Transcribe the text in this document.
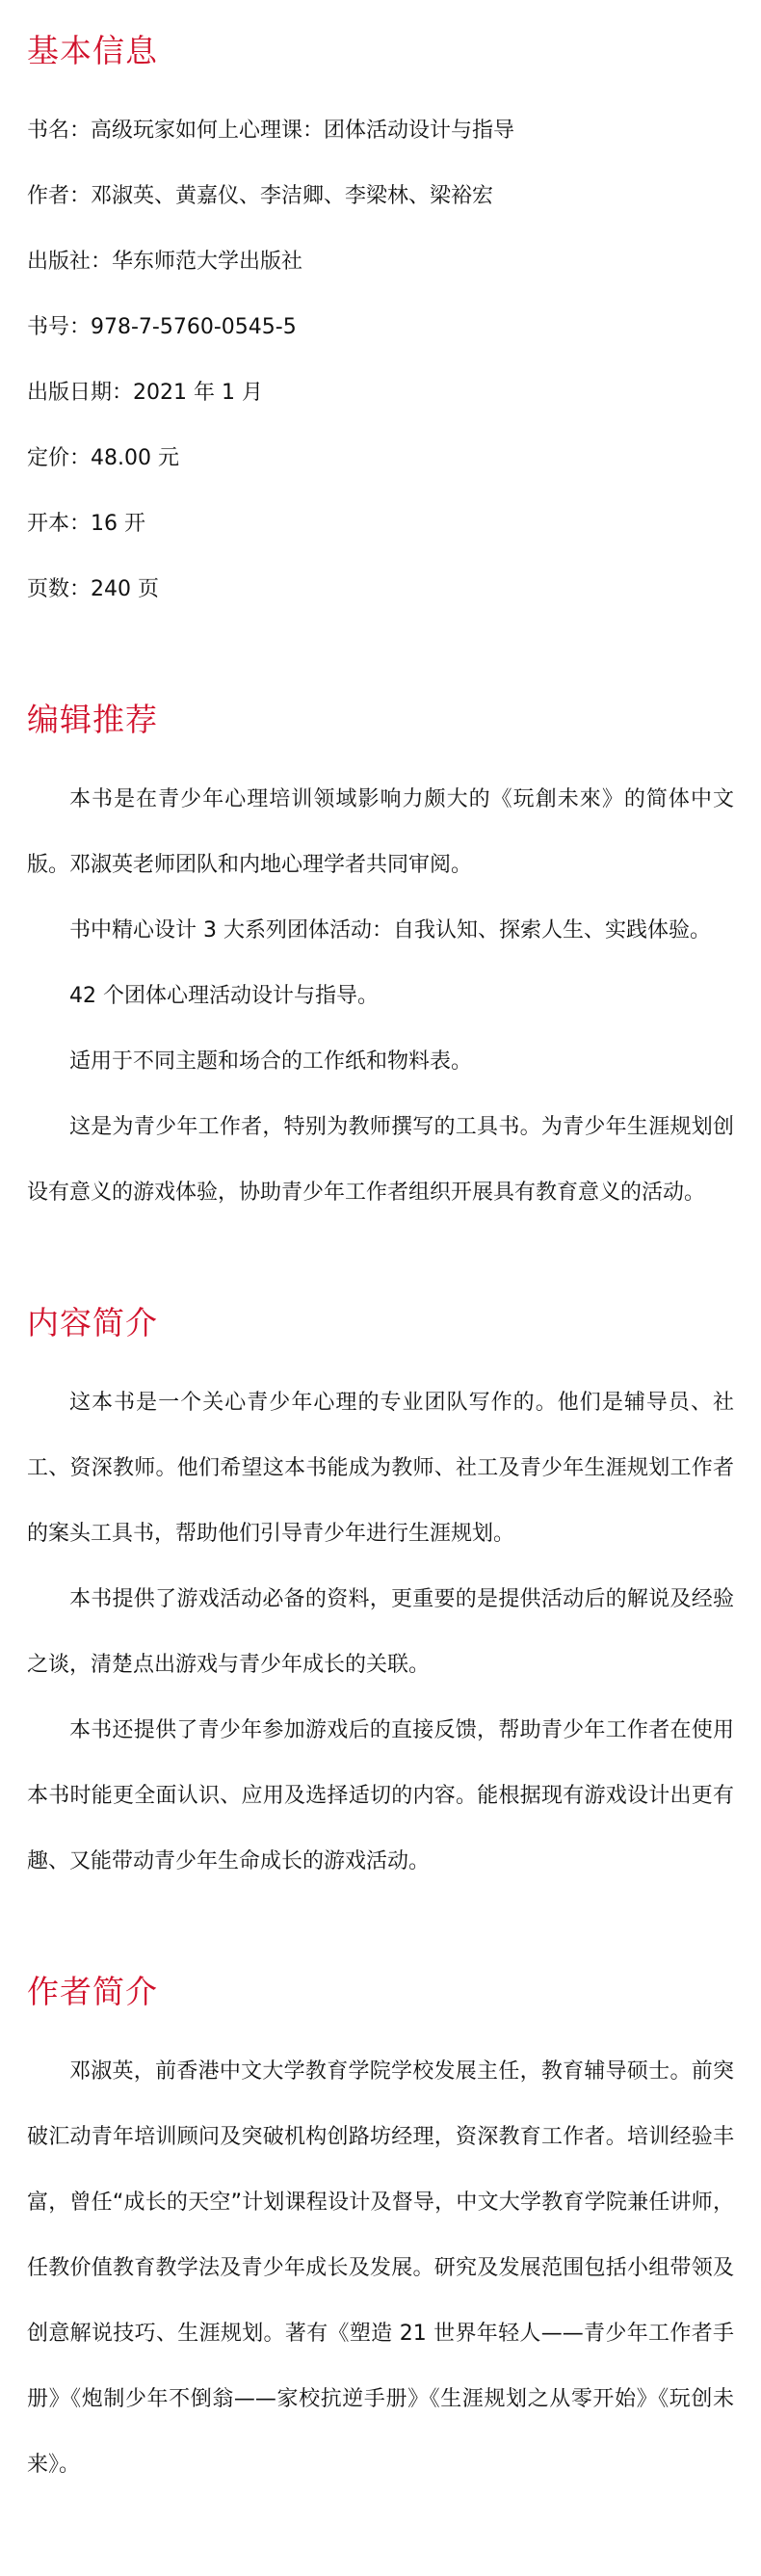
基本信息

书名：高级玩家如何上心理课：团体活动设计与指导

作者：邓淑英、黄嘉仪、李洁卿、李梁林、梁裕宏

出版社：华东师范大学出版社

书号：978-7-5760-0545-5

出版日期：2021 年 1 月

定价：48.00 元

开本：16 开

页数：240 页

编辑推荐

本书是在青少年心理培训领域影响力颇大的《玩創未來》的简体中文版。邓淑英老师团队和内地心理学者共同审阅。

书中精心设计 3 大系列团体活动：自我认知、探索人生、实践体验。

42 个团体心理活动设计与指导。

适用于不同主题和场合的工作纸和物料表。

这是为青少年工作者，特别为教师撰写的工具书。为青少年生涯规划创设有意义的游戏体验，协助青少年工作者组织开展具有教育意义的活动。

内容简介

这本书是一个关心青少年心理的专业团队写作的。他们是辅导员、社工、资深教师。他们希望这本书能成为教师、社工及青少年生涯规划工作者的案头工具书，帮助他们引导青少年进行生涯规划。

本书提供了游戏活动必备的资料，更重要的是提供活动后的解说及经验之谈，清楚点出游戏与青少年成长的关联。

本书还提供了青少年参加游戏后的直接反馈，帮助青少年工作者在使用本书时能更全面认识、应用及选择适切的内容。能根据现有游戏设计出更有趣、又能带动青少年生命成长的游戏活动。

作者简介

邓淑英，前香港中文大学教育学院学校发展主任，教育辅导硕士。前突破汇动青年培训顾问及突破机构创路坊经理，资深教育工作者。培训经验丰富，曾任“成长的天空”计划课程设计及督导，中文大学教育学院兼任讲师，任教价值教育教学法及青少年成长及发展。研究及发展范围包括小组带领及创意解说技巧、生涯规划。著有《塑造 21 世界年轻人——青少年工作者手册》《炮制少年不倒翁——家校抗逆手册》《生涯规划之从零开始》《玩创未来》。
